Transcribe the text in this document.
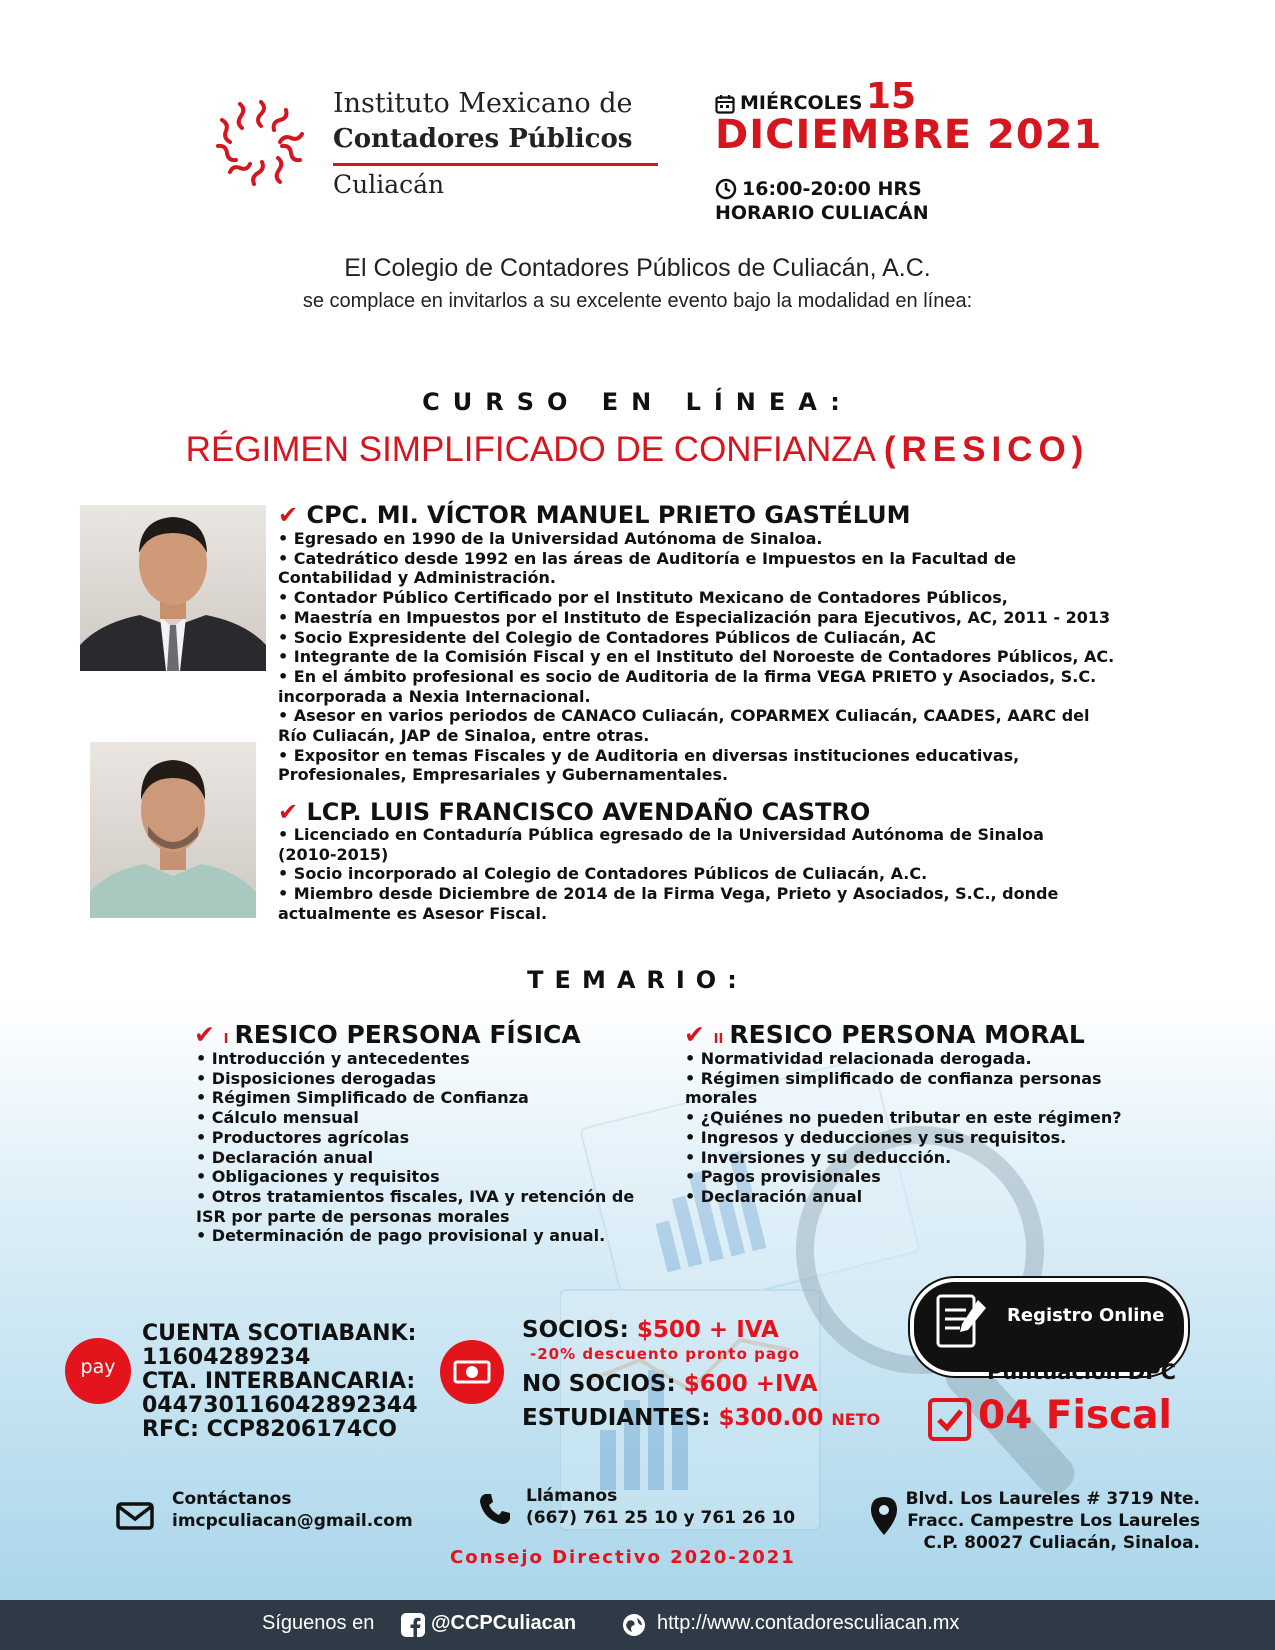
Instituto Mexicano de
Contadores Públicos
Culiacán
MIÉRCOLES 15
DICIEMBRE 2021
16:00-20:00 HRS
HORARIO CULIACÁN
El Colegio de Contadores Públicos de Culiacán, A.C.
se complace en invitarlos a su excelente evento bajo la modalidad en línea:
CURSO EN LÍNEA:
RÉGIMEN SIMPLIFICADO DE CONFIANZA (RESICO)
✔ CPC. MI. VÍCTOR MANUEL PRIETO GASTÉLUM
• Egresado en 1990 de la Universidad Autónoma de Sinaloa.
• Catedrático desde 1992 en las áreas de Auditoría e Impuestos en la Facultad de
Contabilidad y Administración.
• Contador Público Certificado por el Instituto Mexicano de Contadores Públicos,
• Maestría en Impuestos por el Instituto de Especialización para Ejecutivos, AC, 2011 - 2013
• Socio Expresidente del Colegio de Contadores Públicos de Culiacán, AC
• Integrante de la Comisión Fiscal y en el Instituto del Noroeste de Contadores Públicos, AC.
• En el ámbito profesional es socio de Auditoria de la firma VEGA PRIETO y Asociados, S.C.
incorporada a Nexia Internacional.
• Asesor en varios periodos de CANACO Culiacán, COPARMEX Culiacán, CAADES, AARC del
Río Culiacán, JAP de Sinaloa, entre otras.
• Expositor en temas Fiscales y de Auditoria en diversas instituciones educativas,
Profesionales, Empresariales y Gubernamentales.
✔ LCP. LUIS FRANCISCO AVENDAÑO CASTRO
• Licenciado en Contaduría Pública egresado de la Universidad Autónoma de Sinaloa
(2010-2015)
• Socio incorporado al Colegio de Contadores Públicos de Culiacán, A.C.
• Miembro desde Diciembre de 2014 de la Firma Vega, Prieto y Asociados, S.C., donde
actualmente es Asesor Fiscal.
TEMARIO:
✔ I RESICO PERSONA FÍSICA
• Introducción y antecedentes
• Disposiciones derogadas
• Régimen Simplificado de Confianza
• Cálculo mensual
• Productores agrícolas
• Declaración anual
• Obligaciones y requisitos
• Otros tratamientos fiscales, IVA y retención de
ISR por parte de personas morales
• Determinación de pago provisional y anual.
✔ II RESICO PERSONA MORAL
• Normatividad relacionada derogada.
• Régimen simplificado de confianza personas
morales
• ¿Quiénes no pueden tributar en este régimen?
• Ingresos y deducciones y sus requisitos.
• Inversiones y su deducción.
• Pagos provisionales
• Declaración anual
pay
CUENTA SCOTIABANK:
11604289234
CTA. INTERBANCARIA:
044730116042892344
RFC: CCP8206174CO
SOCIOS: $500 + IVA
-20% descuento pronto pago
NO SOCIOS: $600 +IVA
ESTUDIANTES: $300.00 NETO
Registro Online
Puntuación DPC
04 Fiscal
Contáctanos
imcpculiacan@gmail.com
Llámanos
(667) 761 25 10 y 761 26 10
Blvd. Los Laureles # 3719 Nte.
Fracc. Campestre Los Laureles
C.P. 80027 Culiacán, Sinaloa.
Consejo Directivo 2020-2021
Síguenos en	@CCPCuliacan	http://www.contadoresculiacan.mx
